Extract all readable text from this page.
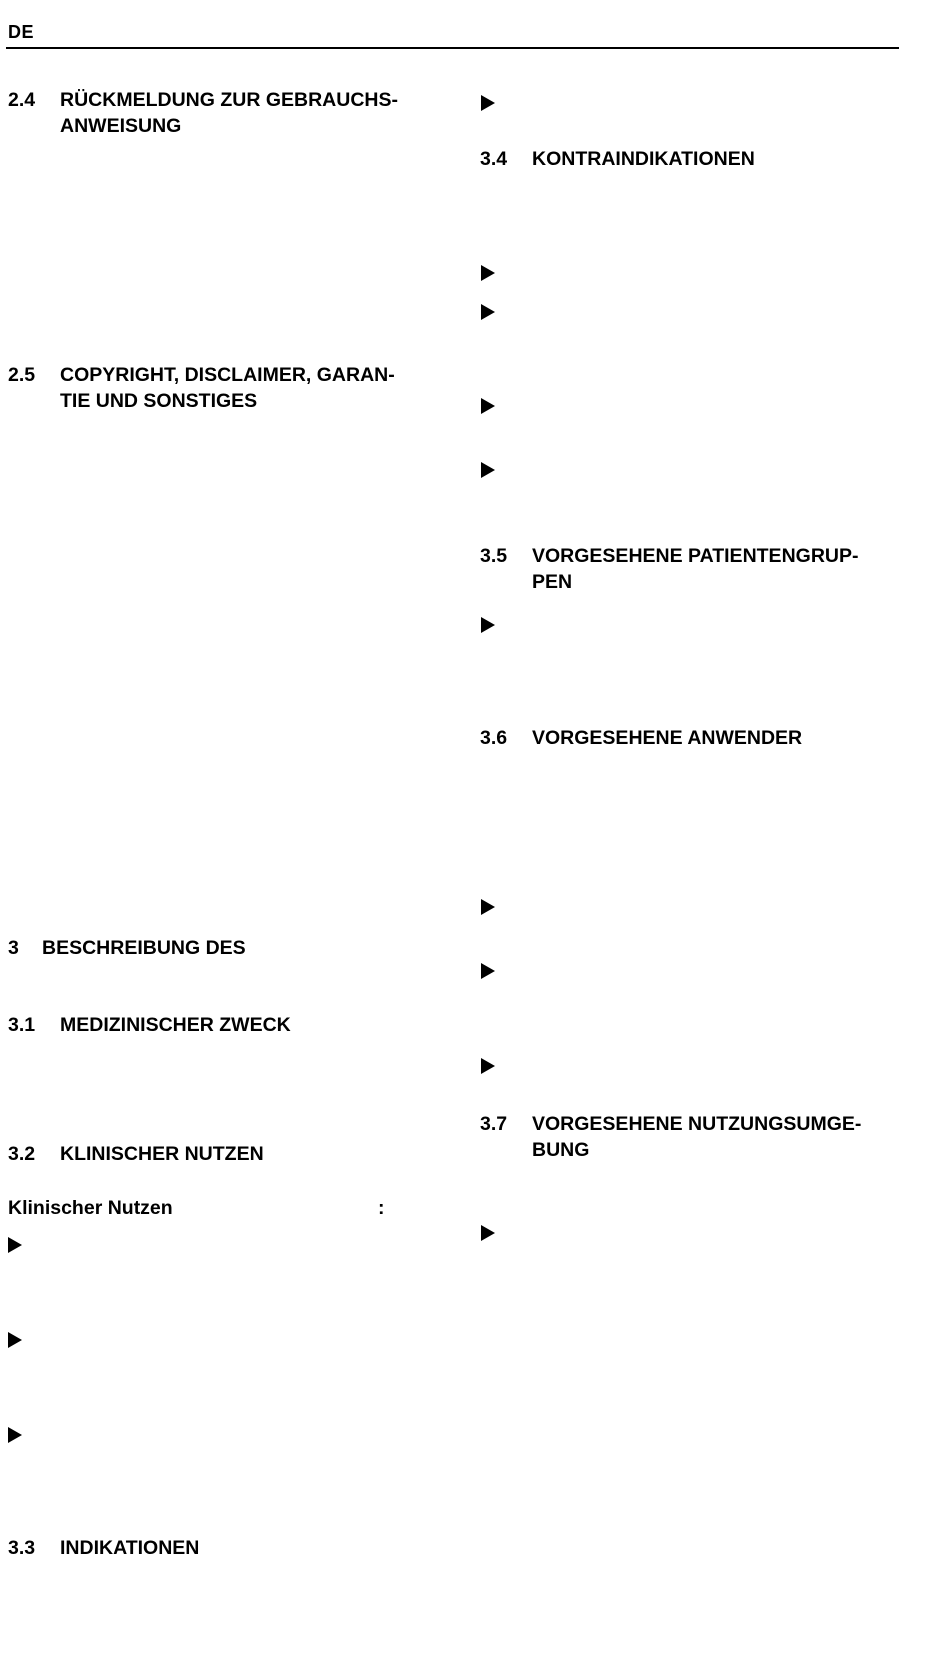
DE
2.4 RÜCKMELDUNG ZUR GEBRAUCHS-
ANWEISUNG
2.5 COPYRIGHT, DISCLAIMER, GARAN-
TIE UND SONSTIGES
3 BESCHREIBUNG DES
3.1 MEDIZINISCHER ZWECK
3.2 KLINISCHER NUTZEN
Klinischer Nutzen	:
3.3 INDIKATIONEN
3.4 KONTRAINDIKATIONEN
3.5 VORGESEHENE PATIENTENGRUP-
PEN
3.6 VORGESEHENE ANWENDER
3.7 VORGESEHENE NUTZUNGSUMGE-
BUNG
